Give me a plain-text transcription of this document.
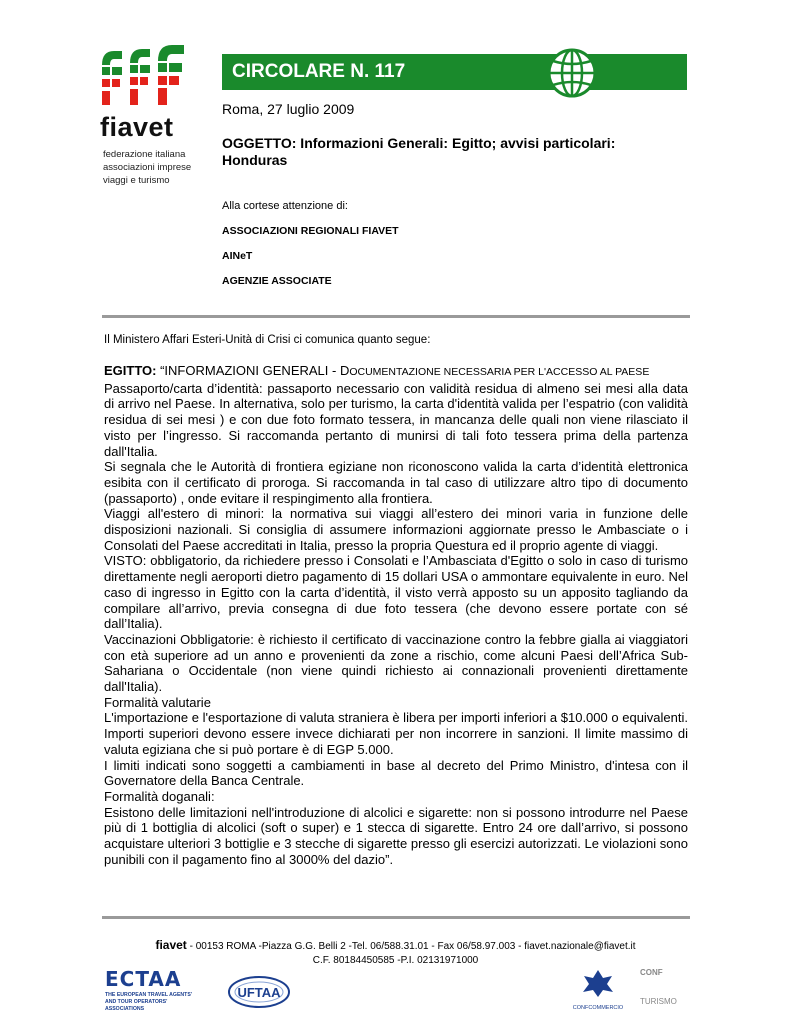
fiavet
federazione italiana
associazioni imprese
viaggi e turismo
CIRCOLARE N. 117
Roma, 27 luglio 2009
OGGETTO: Informazioni Generali: Egitto; avvisi particolari: Honduras
Alla cortese attenzione di:
ASSOCIAZIONI REGIONALI FIAVET
AINeT
AGENZIE ASSOCIATE
Il Ministero Affari Esteri-Unità di Crisi ci comunica quanto segue:
EGITTO: “INFORMAZIONI GENERALI - DOCUMENTAZIONE NECESSARIA PER L'ACCESSO AL PAESE

Passaporto/carta d’identità: passaporto necessario con validità residua di almeno sei mesi alla data di arrivo nel Paese. In alternativa, solo per turismo, la carta d'identità valida per l’espatrio (con validità residua di sei mesi ) e con due foto formato tessera, in mancanza delle quali non viene rilasciato il visto per l’ingresso. Si raccomanda pertanto di munirsi di tali foto tessera prima della partenza dall'Italia.

Si segnala che le Autorità di frontiera egiziane non riconoscono valida la carta d’identità elettronica esibita con il certificato di proroga. Si raccomanda in tal caso di utilizzare altro tipo di documento (passaporto) , onde evitare il respingimento alla frontiera.

Viaggi all'estero di minori: la normativa sui viaggi all’estero dei minori varia in funzione delle disposizioni nazionali. Si consiglia di assumere informazioni aggiornate presso le Ambasciate o i Consolati del Paese accreditati in Italia, presso la propria Questura ed il proprio agente di viaggi.

VISTO: obbligatorio, da richiedere presso i Consolati e l’Ambasciata d'Egitto o solo in caso di turismo direttamente negli aeroporti dietro pagamento di 15 dollari USA o ammontare equivalente in euro. Nel caso di ingresso in Egitto con la carta d’identità, il visto verrà apposto su un apposito tagliando da compilare all’arrivo, previa consegna di due foto tessera (che devono essere portate con sé dall’Italia).

Vaccinazioni Obbligatorie: è richiesto il certificato di vaccinazione contro la febbre gialla ai viaggiatori con età superiore ad un anno e provenienti da zone a rischio, come alcuni Paesi dell’Africa Sub-Sahariana o Occidentale (non viene quindi richiesto ai connazionali provenienti direttamente dall'Italia).

Formalità valutarie

L'importazione e l'esportazione di valuta straniera è libera per importi inferiori a $10.000 o equivalenti. Importi superiori devono essere invece dichiarati per non incorrere in sanzioni. Il limite massimo di valuta egiziana che si può portare è di EGP 5.000.

I limiti indicati sono soggetti a cambiamenti in base al decreto del Primo Ministro, d'intesa con il Governatore della Banca Centrale.

Formalità doganali:

Esistono delle limitazioni nell'introduzione di alcolici e sigarette: non si possono introdurre nel Paese più di 1 bottiglia di alcolici (soft o super) e 1 stecca di sigarette. Entro 24 ore dall’arrivo, si possono acquistare ulteriori 3 bottiglie e 3 stecche di sigarette presso gli esercizi autorizzati. Le violazioni sono punibili con il pagamento fino al 3000% del dazio”.

fiavet - 00153 ROMA -Piazza G.G. Belli 2 -Tel. 06/588.31.01 - Fax 06/58.97.003 - fiavet.nazionale@fiavet.it
C.F. 80184450585 -P.I. 02131971000
ECTAA
THE EUROPEAN TRAVEL AGENTS'
AND TOUR OPERATORS' ASSOCIATIONS
UFTAA
CONFCOMMERCIO
CONF
TURISMO
